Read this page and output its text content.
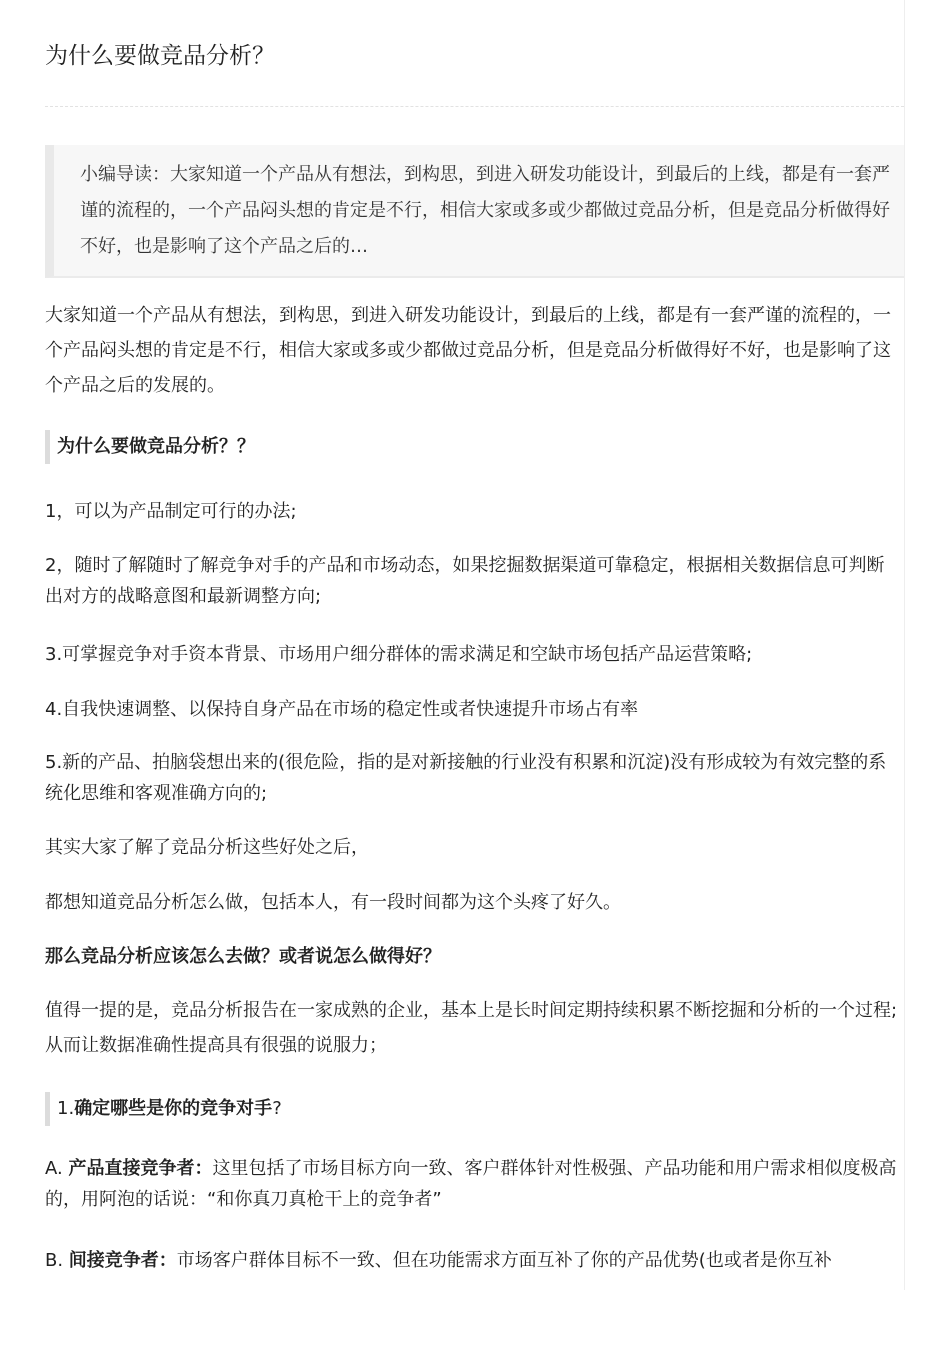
为什么要做竞品分析？
小编导读：大家知道一个产品从有想法，到构思，到进入研发功能设计，到最后的上线，都是有一套严谨的流程的，一个产品闷头想的肯定是不行，相信大家或多或少都做过竞品分析，但是竞品分析做得好不好，也是影响了这个产品之后的…
大家知道一个产品从有想法，到构思，到进入研发功能设计，到最后的上线，都是有一套严谨的流程的，一个产品闷头想的肯定是不行，相信大家或多或少都做过竞品分析，但是竞品分析做得好不好，也是影响了这个产品之后的发展的。
为什么要做竞品分析？？
1，可以为产品制定可行的办法;
2，随时了解随时了解竞争对手的产品和市场动态，如果挖掘数据渠道可靠稳定，根据相关数据信息可判断出对方的战略意图和最新调整方向;
3.可掌握竞争对手资本背景、市场用户细分群体的需求满足和空缺市场包括产品运营策略;
4.自我快速调整、以保持自身产品在市场的稳定性或者快速提升市场占有率
5.新的产品、拍脑袋想出来的(很危险，指的是对新接触的行业没有积累和沉淀)没有形成较为有效完整的系统化思维和客观准确方向的;
其实大家了解了竞品分析这些好处之后，
都想知道竞品分析怎么做，包括本人，有一段时间都为这个头疼了好久。
那么竞品分析应该怎么去做？或者说怎么做得好？
值得一提的是，竞品分析报告在一家成熟的企业，基本上是长时间定期持续积累不断挖掘和分析的一个过程;从而让数据准确性提高具有很强的说服力；
1.确定哪些是你的竞争对手?
A. 产品直接竞争者：这里包括了市场目标方向一致、客户群体针对性极强、产品功能和用户需求相似度极高的，用阿泡的话说：“和你真刀真枪干上的竞争者”
B. 间接竞争者：市场客户群体目标不一致、但在功能需求方面互补了你的产品优势(也或者是你互补
